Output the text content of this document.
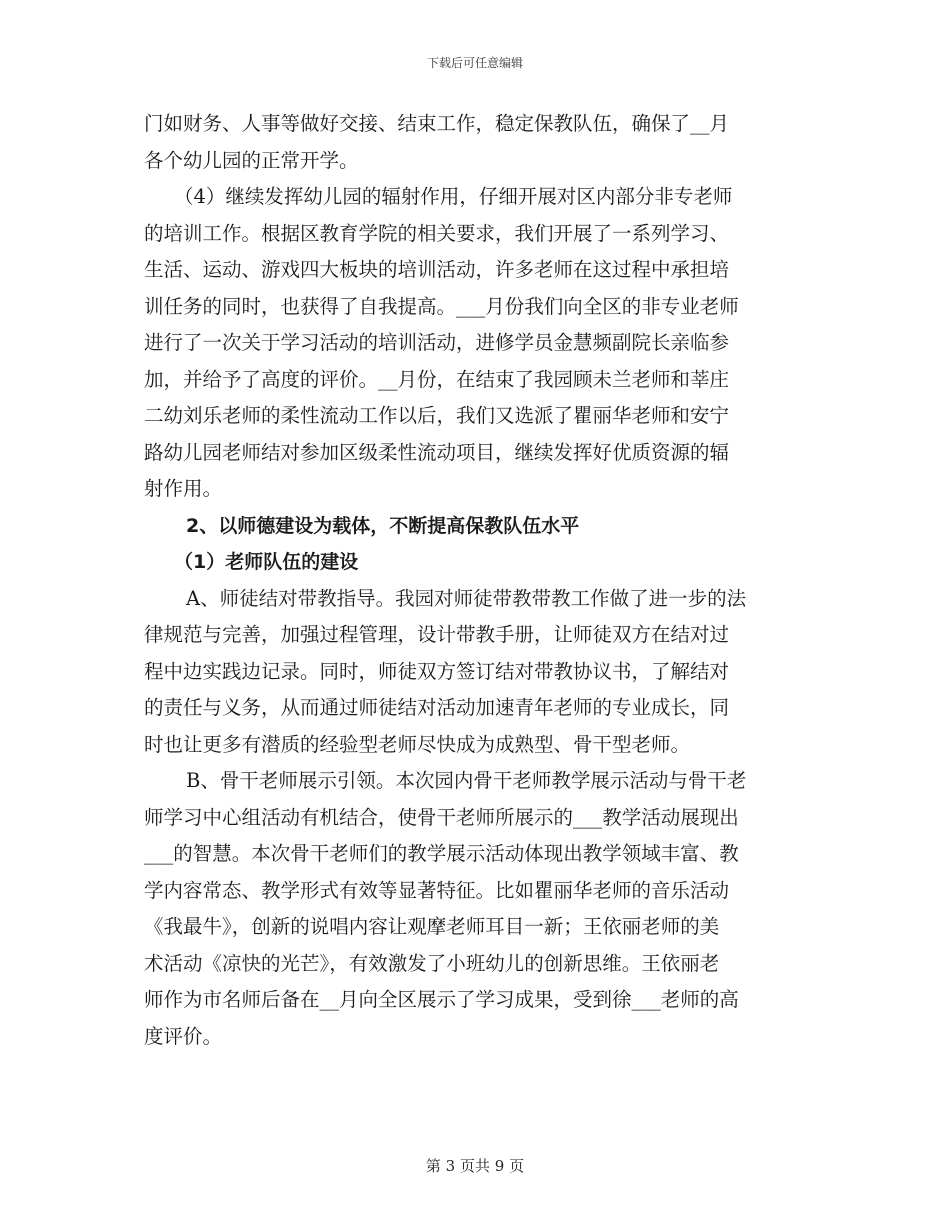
下载后可任意编辑
门如财务、人事等做好交接、结束工作，稳定保教队伍，确保了__月
各个幼儿园的正常开学。
（4）继续发挥幼儿园的辐射作用，仔细开展对区内部分非专老师
的培训工作。根据区教育学院的相关要求，我们开展了一系列学习、
生活、运动、游戏四大板块的培训活动，许多老师在这过程中承担培
训任务的同时，也获得了自我提高。___月份我们向全区的非专业老师
进行了一次关于学习活动的培训活动，进修学员金慧频副院长亲临参
加，并给予了高度的评价。__月份，在结束了我园顾未兰老师和莘庄
二幼刘乐老师的柔性流动工作以后，我们又选派了瞿丽华老师和安宁
路幼儿园老师结对参加区级柔性流动项目，继续发挥好优质资源的辐
射作用。
2、以师德建设为载体，不断提高保教队伍水平
（1）老师队伍的建设
A、师徒结对带教指导。我园对师徒带教带教工作做了进一步的法
律规范与完善，加强过程管理，设计带教手册，让师徒双方在结对过
程中边实践边记录。同时，师徒双方签订结对带教协议书，了解结对
的责任与义务，从而通过师徒结对活动加速青年老师的专业成长，同
时也让更多有潜质的经验型老师尽快成为成熟型、骨干型老师。
B、骨干老师展示引领。本次园内骨干老师教学展示活动与骨干老
师学习中心组活动有机结合，使骨干老师所展示的___教学活动展现出
___的智慧。本次骨干老师们的教学展示活动体现出教学领域丰富、教
学内容常态、教学形式有效等显著特征。比如瞿丽华老师的音乐活动
《我最牛》，创新的说唱内容让观摩老师耳目一新；王依丽老师的美
术活动《凉快的光芒》，有效激发了小班幼儿的创新思维。王依丽老
师作为市名师后备在__月向全区展示了学习成果，受到徐___老师的高
度评价。
第 3 页共 9 页
